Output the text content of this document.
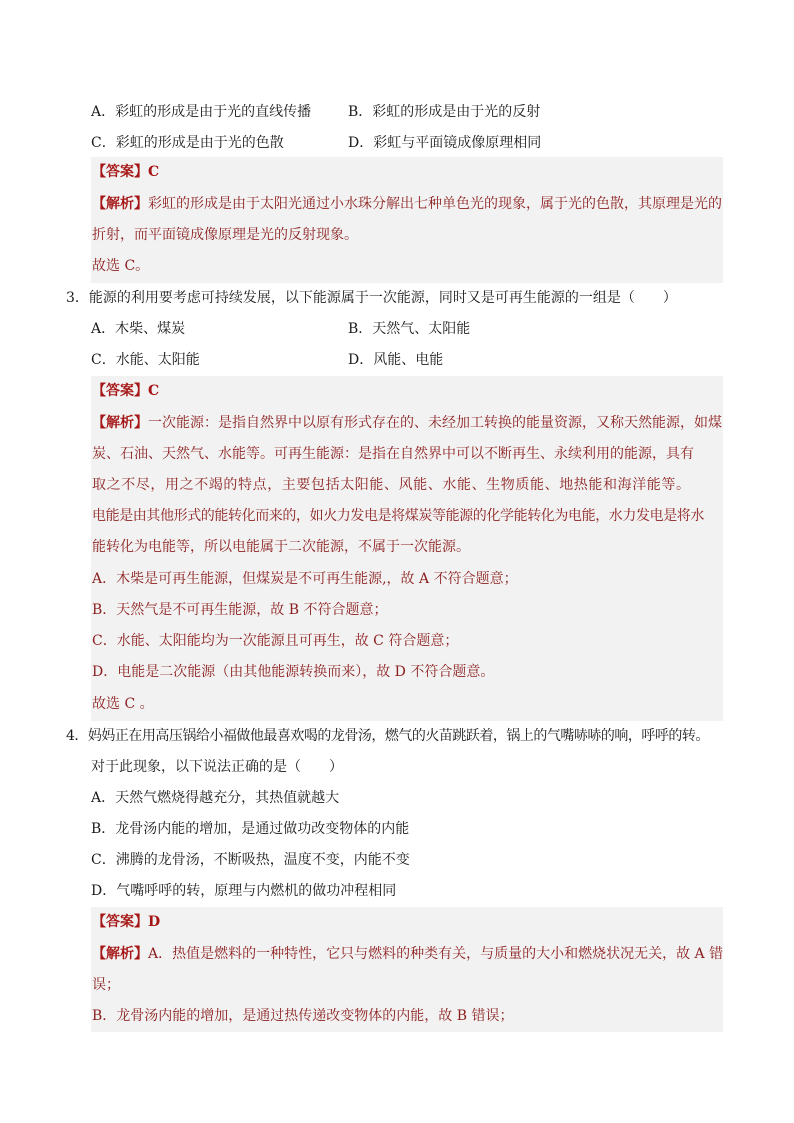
A．彩虹的形成是由于光的直线传播	B．彩虹的形成是由于光的反射
C．彩虹的形成是由于光的色散	D．彩虹与平面镜成像原理相同
【答案】C
【解析】彩虹的形成是由于太阳光通过小水珠分解出七种单色光的现象，属于光的色散，其原理是光的
折射，而平面镜成像原理是光的反射现象。
故选 C。
3．能源的利用要考虑可持续发展，以下能源属于一次能源，同时又是可再生能源的一组是（　　）
A．木柴、煤炭	B．天然气、太阳能
C．水能、太阳能	D．风能、电能
【答案】C
【解析】一次能源：是指自然界中以原有形式存在的、未经加工转换的能量资源，又称天然能源，如煤
炭、石油、天然气、水能等。可再生能源：是指在自然界中可以不断再生、永续利用的能源，具有
取之不尽，用之不竭的特点，主要包括太阳能、风能、水能、生物质能、地热能和海洋能等。
电能是由其他形式的能转化而来的，如火力发电是将煤炭等能源的化学能转化为电能，水力发电是将水
能转化为电能等，所以电能属于二次能源，不属于一次能源。
A．木柴是可再生能源，但煤炭是不可再生能源,，故 A 不符合题意；
B．天然气是不可再生能源，故 B 不符合题意；
C．水能、太阳能均为一次能源且可再生，故 C 符合题意；
D．电能是二次能源（由其他能源转换而来），故 D 不符合题意。
故选 C 。
4．妈妈正在用高压锅给小福做他最喜欢喝的龙骨汤，燃气的火苗跳跃着，锅上的气嘴哧哧的响，呼呼的转。
对于此现象，以下说法正确的是（　　）
A．天然气燃烧得越充分，其热值就越大
B．龙骨汤内能的增加，是通过做功改变物体的内能
C．沸腾的龙骨汤，不断吸热，温度不变，内能不变
D．气嘴呼呼的转，原理与内燃机的做功冲程相同
【答案】D
【解析】A．热值是燃料的一种特性，它只与燃料的种类有关，与质量的大小和燃烧状况无关，故 A 错
误；
B．龙骨汤内能的增加，是通过热传递改变物体的内能，故 B 错误；
